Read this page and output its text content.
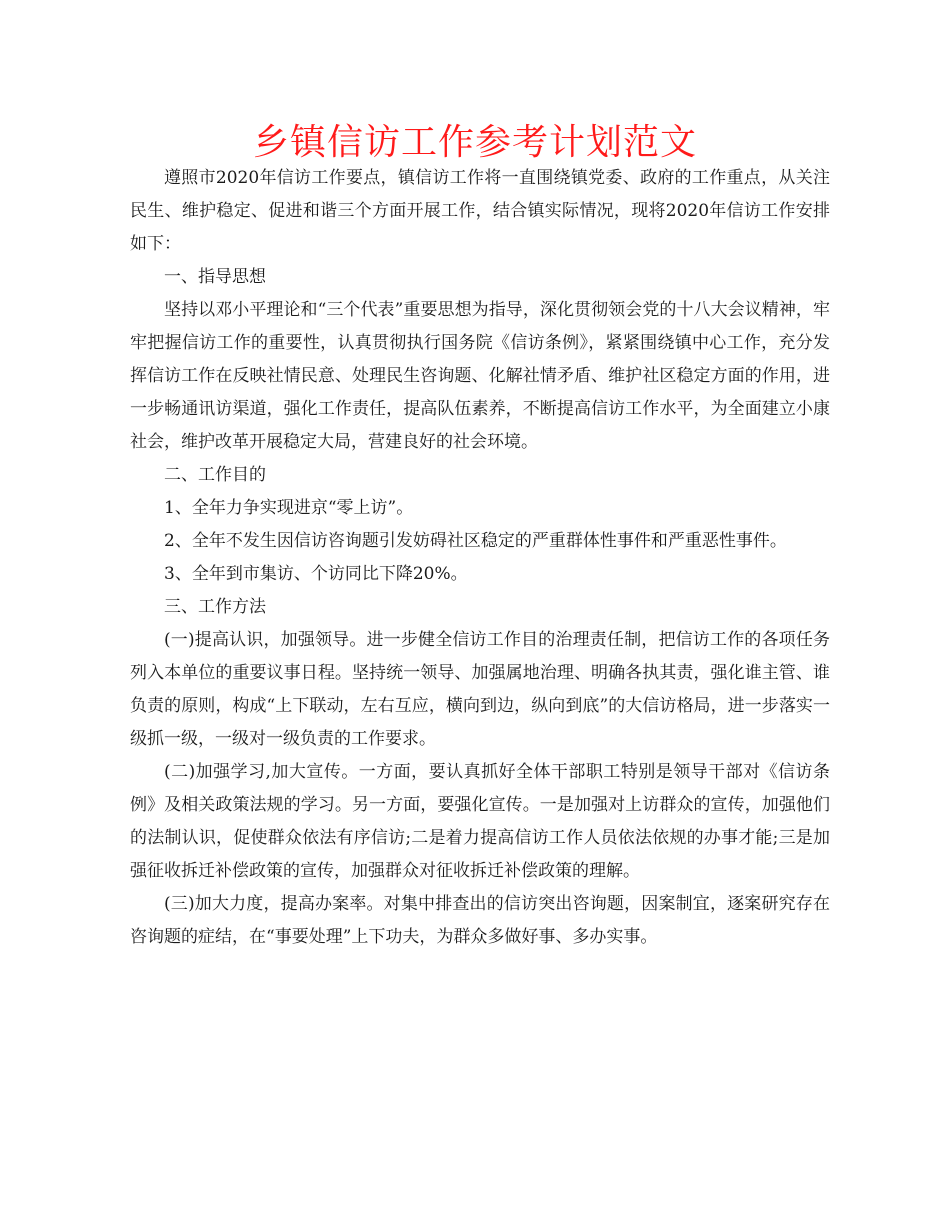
乡镇信访工作参考计划范文

遵照市2020年信访工作要点，镇信访工作将一直围绕镇党委、政府的工作重点，从关注民生、维护稳定、促进和谐三个方面开展工作，结合镇实际情况，现将2020年信访工作安排如下：

一、指导思想

坚持以邓小平理论和“三个代表”重要思想为指导，深化贯彻领会党的十八大会议精神，牢牢把握信访工作的重要性，认真贯彻执行国务院《信访条例》，紧紧围绕镇中心工作，充分发挥信访工作在反映社情民意、处理民生咨询题、化解社情矛盾、维护社区稳定方面的作用，进一步畅通讯访渠道，强化工作责任，提高队伍素养，不断提高信访工作水平，为全面建立小康社会，维护改革开展稳定大局，营建良好的社会环境。

二、工作目的

1、全年力争实现进京“零上访”。

2、全年不发生因信访咨询题引发妨碍社区稳定的严重群体性事件和严重恶性事件。

3、全年到市集访、个访同比下降20%。

三、工作方法

(一)提高认识，加强领导。进一步健全信访工作目的治理责任制，把信访工作的各项任务列入本单位的重要议事日程。坚持统一领导、加强属地治理、明确各执其责，强化谁主管、谁负责的原则，构成“上下联动，左右互应，横向到边，纵向到底”的大信访格局，进一步落实一级抓一级，一级对一级负责的工作要求。

(二)加强学习,加大宣传。一方面，要认真抓好全体干部职工特别是领导干部对《信访条例》及相关政策法规的学习。另一方面，要强化宣传。一是加强对上访群众的宣传，加强他们的法制认识，促使群众依法有序信访;二是着力提高信访工作人员依法依规的办事才能;三是加强征收拆迁补偿政策的宣传，加强群众对征收拆迁补偿政策的理解。

(三)加大力度，提高办案率。对集中排查出的信访突出咨询题，因案制宜，逐案研究存在咨询题的症结，在“事要处理”上下功夫，为群众多做好事、多办实事。
